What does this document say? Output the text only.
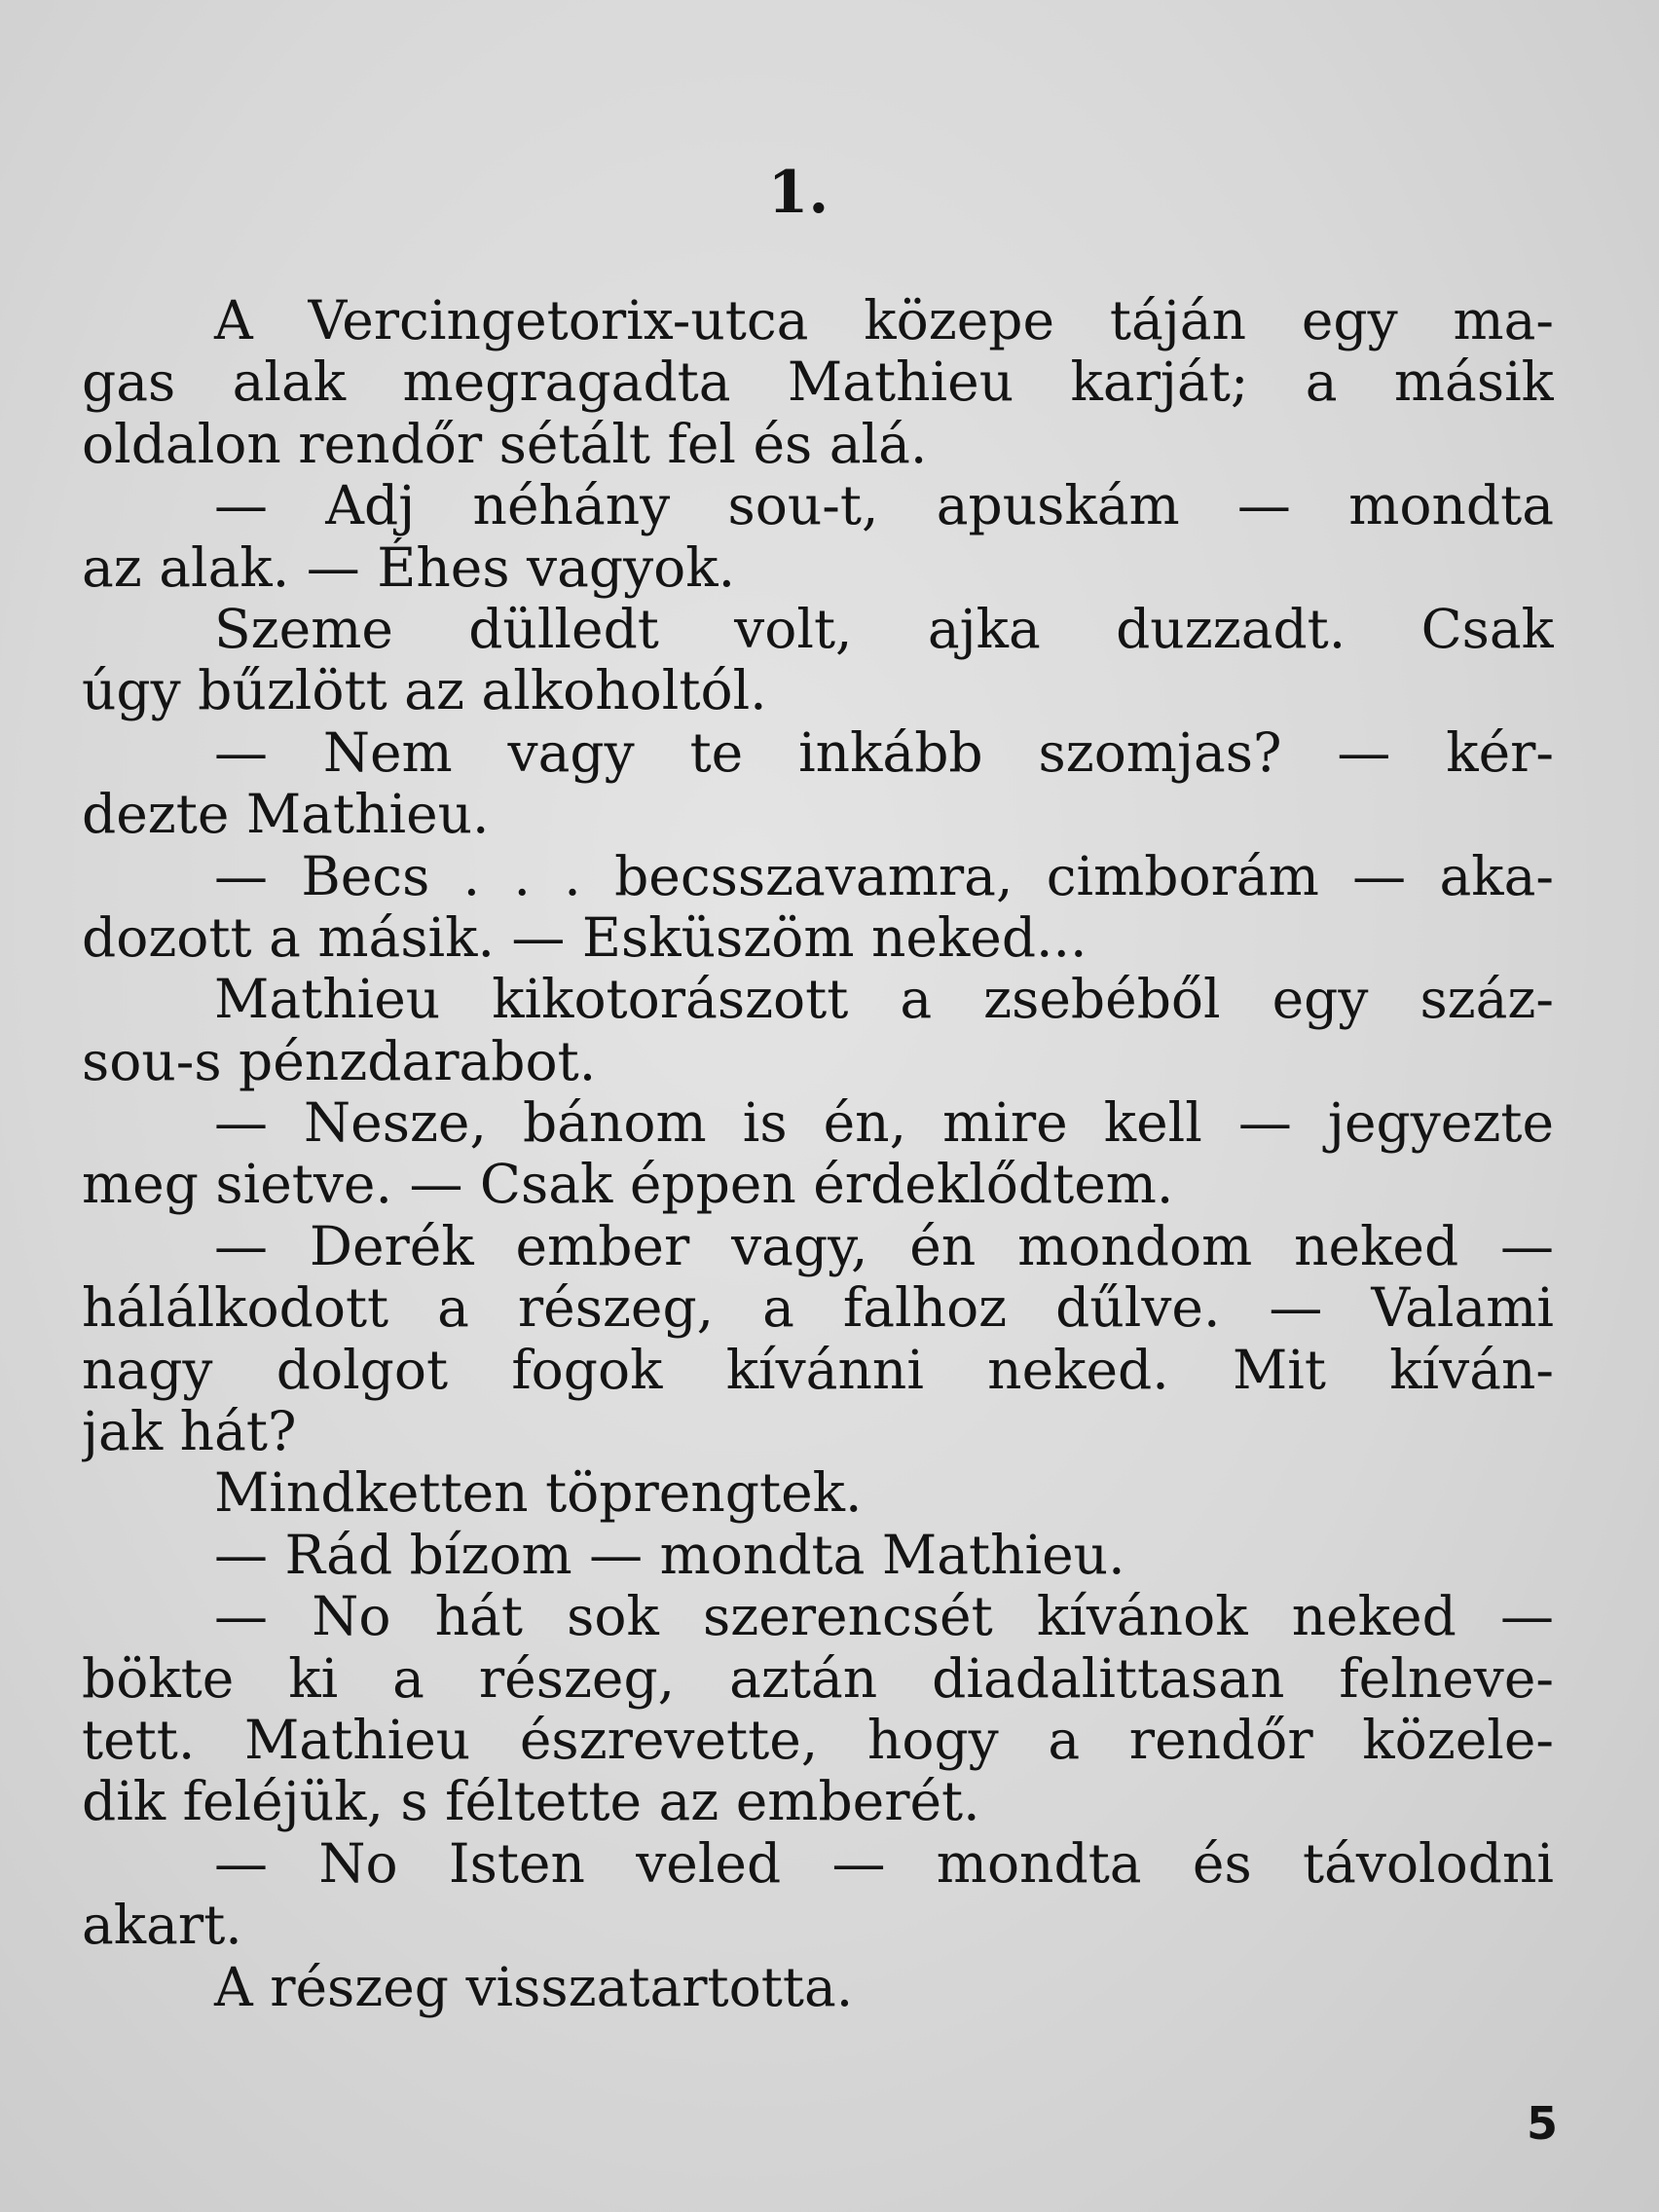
1.
A Vercingetorix-utca közepe táján egy ma-
gas alak megragadta Mathieu karját; a másik
oldalon rendőr sétált fel és alá.
— Adj néhány sou-t, apuskám — mondta
az alak. — Éhes vagyok.
Szeme dülledt volt, ajka duzzadt. Csak
úgy bűzlött az alkoholtól.
— Nem vagy te inkább szomjas? — kér-
dezte Mathieu.
— Becs . . . becsszavamra, cimborám — aka-
dozott a másik. — Esküszöm neked...
Mathieu kikotorászott a zsebéből egy száz-
sou-s pénzdarabot.
— Nesze, bánom is én, mire kell — jegyezte
meg sietve. — Csak éppen érdeklődtem.
— Derék ember vagy, én mondom neked —
hálálkodott a részeg, a falhoz dűlve. — Valami
nagy dolgot fogok kívánni neked. Mit kíván-
jak hát?
Mindketten töprengtek.
— Rád bízom — mondta Mathieu.
— No hát sok szerencsét kívánok neked —
bökte ki a részeg, aztán diadalittasan felneve-
tett. Mathieu észrevette, hogy a rendőr közele-
dik feléjük, s féltette az emberét.
— No Isten veled — mondta és távolodni
akart.
A részeg visszatartotta.
5
